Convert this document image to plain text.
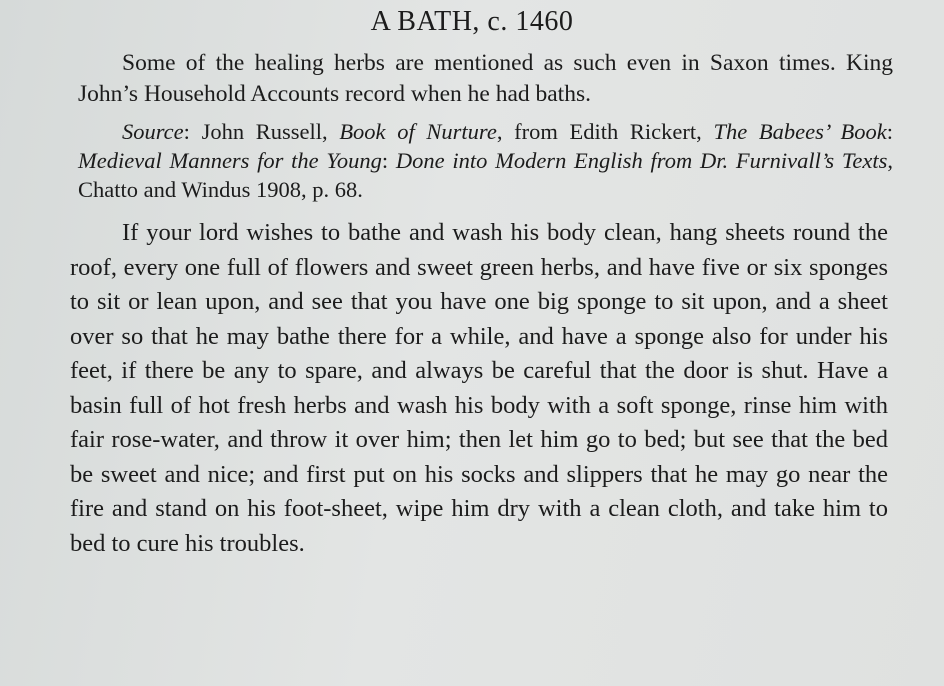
A BATH, c. 1460

Some of the healing herbs are mentioned as such even in Saxon times. King John’s Household Accounts record when he had baths.

Source: John Russell, Book of Nurture, from Edith Rickert, The Babees’ Book: Medieval Manners for the Young: Done into Modern English from Dr. Furnivall’s Texts, Chatto and Windus 1908, p. 68.

If your lord wishes to bathe and wash his body clean, hang sheets round the roof, every one full of flowers and sweet green herbs, and have five or six sponges to sit or lean upon, and see that you have one big sponge to sit upon, and a sheet over so that he may bathe there for a while, and have a sponge also for under his feet, if there be any to spare, and always be careful that the door is shut. Have a basin full of hot fresh herbs and wash his body with a soft sponge, rinse him with fair rose-water, and throw it over him; then let him go to bed; but see that the bed be sweet and nice; and first put on his socks and slippers that he may go near the fire and stand on his foot-sheet, wipe him dry with a clean cloth, and take him to bed to cure his troubles.
